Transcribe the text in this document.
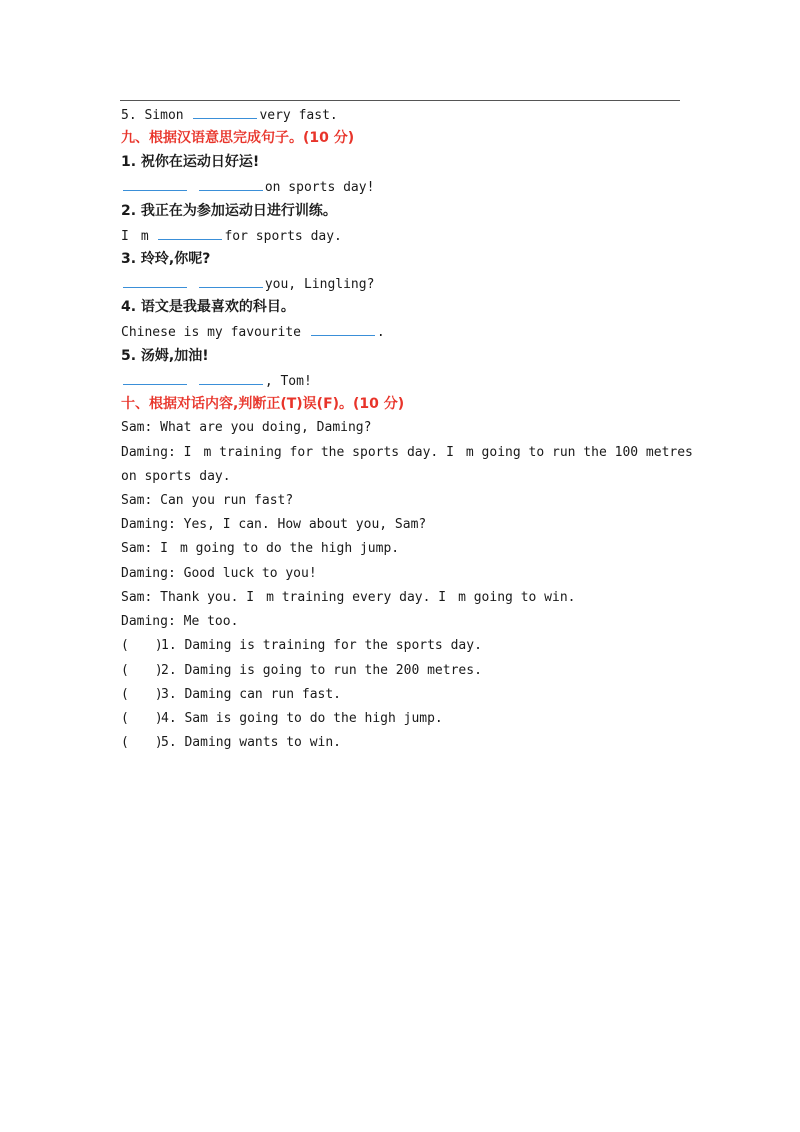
5. Simon	very fast.
九、根据汉语意思完成句子。(10 分)
1. 祝你在运动日好运!
on sports day!
2. 我正在为参加运动日进行训练。
I m	for sports day.
3. 玲玲,你呢?
you, Lingling?
4. 语文是我最喜欢的科目。
Chinese is my favourite	.
5. 汤姆,加油!
, Tom!
十、根据对话内容,判断正(T)误(F)。(10 分)
Sam: What are you doing, Daming?
Daming: I m training for the sports day. I m going to run the 100 metres
on sports day.
Sam: Can you run fast?
Daming: Yes, I can. How about you, Sam?
Sam: I m going to do the high jump.
Daming: Good luck to you!
Sam: Thank you. I m training every day. I m going to win.
Daming: Me too.
( )1. Daming is training for the sports day.
( )2. Daming is going to run the 200 metres.
( )3. Daming can run fast.
( )4. Sam is going to do the high jump.
( )5. Daming wants to win.
